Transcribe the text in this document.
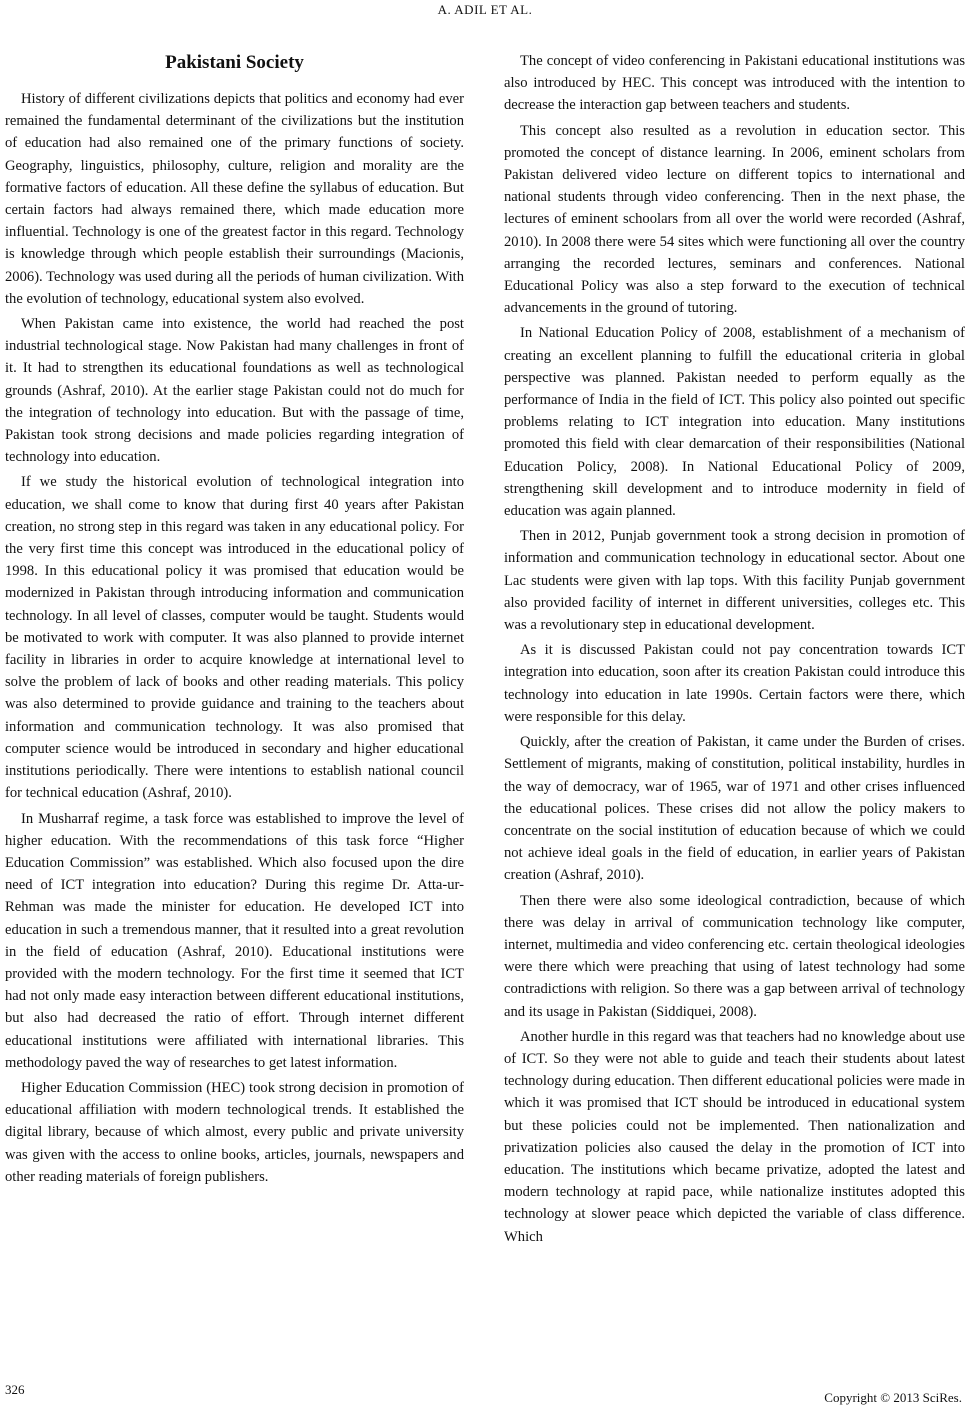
A. ADIL ET AL.
Pakistani Society

History of different civilizations depicts that politics and economy had ever remained the fundamental determinant of the civilizations but the institution of education had also remained one of the primary functions of society. Geography, linguistics, philosophy, culture, religion and morality are the formative factors of education. All these define the syllabus of education. But certain factors had always remained there, which made education more influential. Technology is one of the greatest factor in this regard. Technology is knowledge through which people establish their surroundings (Macionis, 2006). Technology was used during all the periods of human civilization. With the evolution of technology, educational system also evolved.

When Pakistan came into existence, the world had reached the post industrial technological stage. Now Pakistan had many challenges in front of it. It had to strengthen its educational foundations as well as technological grounds (Ashraf, 2010). At the earlier stage Pakistan could not do much for the integration of technology into education. But with the passage of time, Pakistan took strong decisions and made policies regarding integration of technology into education.

If we study the historical evolution of technological integration into education, we shall come to know that during first 40 years after Pakistan creation, no strong step in this regard was taken in any educational policy. For the very first time this concept was introduced in the educational policy of 1998. In this educational policy it was promised that education would be modernized in Pakistan through introducing information and communication technology. In all level of classes, computer would be taught. Students would be motivated to work with computer. It was also planned to provide internet facility in libraries in order to acquire knowledge at international level to solve the problem of lack of books and other reading materials. This policy was also determined to provide guidance and training to the teachers about information and communication technology. It was also promised that computer science would be introduced in secondary and higher educational institutions periodically. There were intentions to establish national council for technical education (Ashraf, 2010).

In Musharraf regime, a task force was established to improve the level of higher education. With the recommendations of this task force “Higher Education Commission” was established. Which also focused upon the dire need of ICT integration into education? During this regime Dr. Atta-ur-Rehman was made the minister for education. He developed ICT into education in such a tremendous manner, that it resulted into a great revolution in the field of education (Ashraf, 2010). Educational institutions were provided with the modern technology. For the first time it seemed that ICT had not only made easy interaction between different educational institutions, but also had decreased the ratio of effort. Through internet different educational institutions were affiliated with international libraries. This methodology paved the way of researches to get latest information.

Higher Education Commission (HEC) took strong decision in promotion of educational affiliation with modern technological trends. It established the digital library, because of which almost, every public and private university was given with the access to online books, articles, journals, newspapers and other reading materials of foreign publishers.

The concept of video conferencing in Pakistani educational institutions was also introduced by HEC. This concept was introduced with the intention to decrease the interaction gap between teachers and students.

This concept also resulted as a revolution in education sector. This promoted the concept of distance learning. In 2006, eminent scholars from Pakistan delivered video lecture on different topics to international and national students through video conferencing. Then in the next phase, the lectures of eminent schoolars from all over the world were recorded (Ashraf, 2010). In 2008 there were 54 sites which were functioning all over the country arranging the recorded lectures, seminars and conferences. National Educational Policy was also a step forward to the execution of technical advancements in the ground of tutoring.

In National Education Policy of 2008, establishment of a mechanism of creating an excellent planning to fulfill the educational criteria in global perspective was planned. Pakistan needed to perform equally as the performance of India in the field of ICT. This policy also pointed out specific problems relating to ICT integration into education. Many institutions promoted this field with clear demarcation of their responsibilities (National Education Policy, 2008). In National Educational Policy of 2009, strengthening skill development and to introduce modernity in field of education was again planned.

Then in 2012, Punjab government took a strong decision in promotion of information and communication technology in educational sector. About one Lac students were given with lap tops. With this facility Punjab government also provided facility of internet in different universities, colleges etc. This was a revolutionary step in educational development.

As it is discussed Pakistan could not pay concentration towards ICT integration into education, soon after its creation Pakistan could introduce this technology into education in late 1990s. Certain factors were there, which were responsible for this delay.

Quickly, after the creation of Pakistan, it came under the Burden of crises. Settlement of migrants, making of constitution, political instability, hurdles in the way of democracy, war of 1965, war of 1971 and other crises influenced the educational polices. These crises did not allow the policy makers to concentrate on the social institution of education because of which we could not achieve ideal goals in the field of education, in earlier years of Pakistan creation (Ashraf, 2010).

Then there were also some ideological contradiction, because of which there was delay in arrival of communication technology like computer, internet, multimedia and video conferencing etc. certain theological ideologies were there which were preaching that using of latest technology had some contradictions with religion. So there was a gap between arrival of technology and its usage in Pakistan (Siddiquei, 2008).

Another hurdle in this regard was that teachers had no knowledge about use of ICT. So they were not able to guide and teach their students about latest technology during education. Then different educational policies were made in which it was promised that ICT should be introduced in educational system but these policies could not be implemented. Then nationalization and privatization policies also caused the delay in the promotion of ICT into education. The institutions which became privatize, adopted the latest and modern technology at rapid pace, while nationalize institutes adopted this technology at slower peace which depicted the variable of class difference. Which

326
Copyright © 2013 SciRes.
